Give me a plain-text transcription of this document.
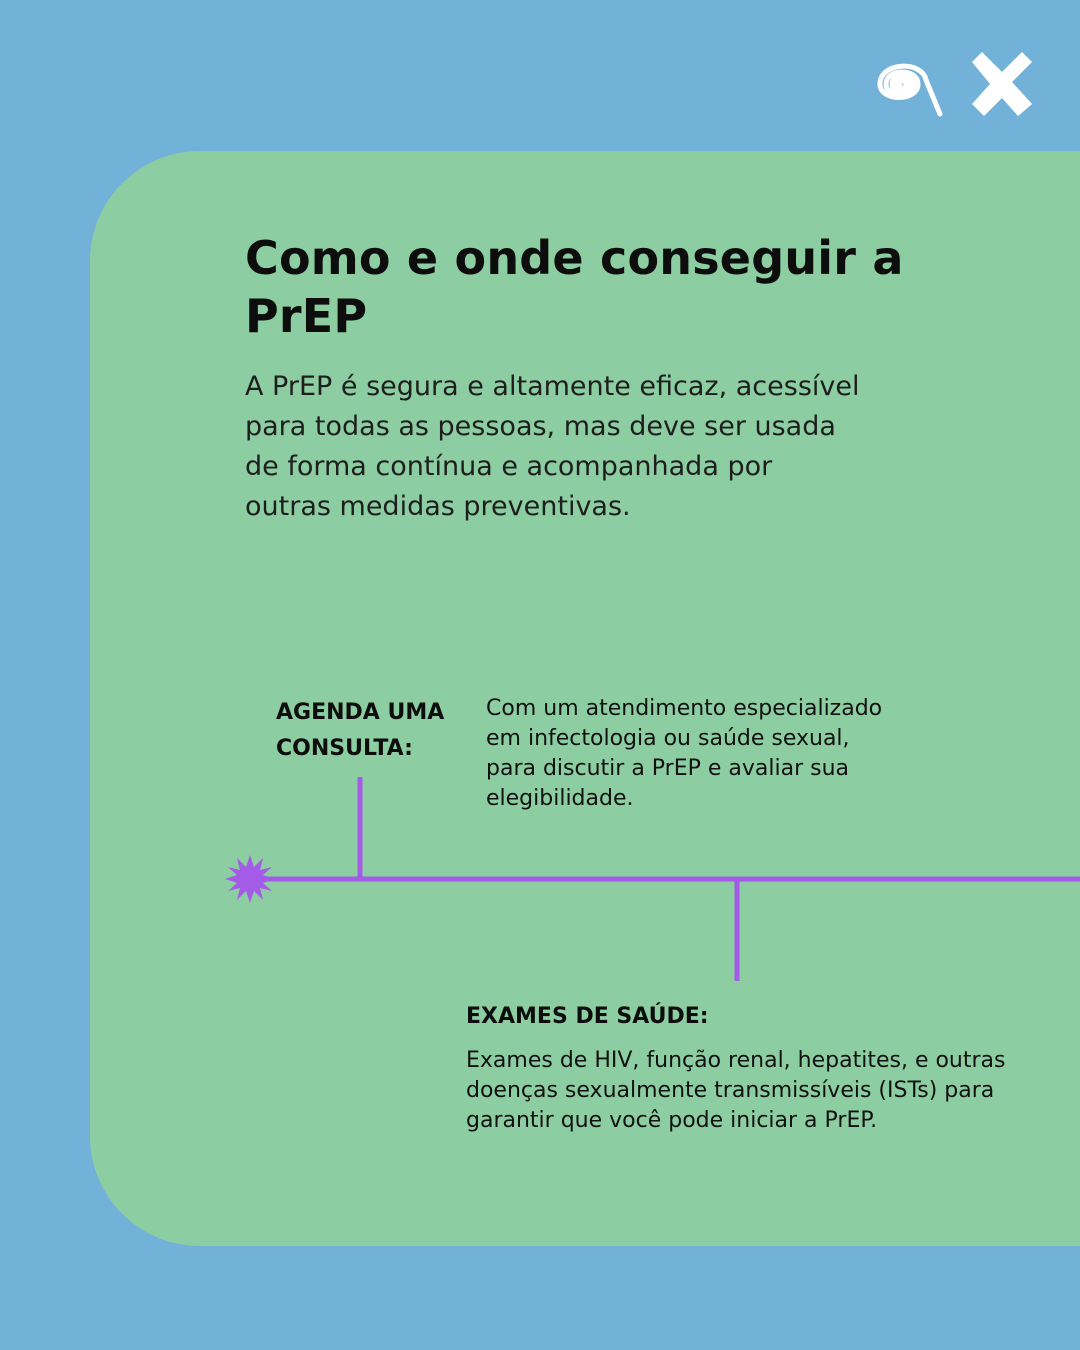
Como e onde conseguir a PrEP

A PrEP é segura e altamente eficaz, acessível para todas as pessoas, mas deve ser usada de forma contínua e acompanhada por outras medidas preventivas.

AGENDA UMA CONSULTA:
Com um atendimento especializado em infectologia ou saúde sexual, para discutir a PrEP e avaliar sua elegibilidade.
EXAMES DE SAÚDE:
Exames de HIV, função renal, hepatites, e outras doenças sexualmente transmissíveis (ISTs) para garantir que você pode iniciar a PrEP.
